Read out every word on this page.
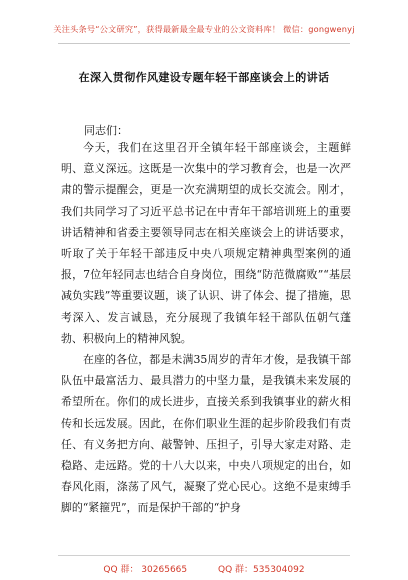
关注头条号“公文研究”，获得最新最全最专业的公文资料库！ 微信：gongwenyj
在深入贯彻作风建设专题年轻干部座谈会上的讲话
同志们：

今天，我们在这里召开全镇年轻干部座谈会，主题鲜明、意义深远。这既是一次集中的学习教育会，也是一次严肃的警示提醒会，更是一次充满期望的成长交流会。刚才，我们共同学习了习近平总书记在中青年干部培训班上的重要讲话精神和省委主要领导同志在相关座谈会上的讲话要求，听取了关于年轻干部违反中央八项规定精神典型案例的通报，7位年轻同志也结合自身岗位，围绕“防范微腐败”“基层减负实践”等重要议题，谈了认识、讲了体会、提了措施，思考深入、发言诚恳，充分展现了我镇年轻干部队伍朝气蓬勃、积极向上的精神风貌。

在座的各位，都是未满35周岁的青年才俊，是我镇干部队伍中最富活力、最具潜力的中坚力量，是我镇未来发展的希望所在。你们的成长进步，直接关系到我镇事业的薪火相传和长远发展。因此，在你们职业生涯的起步阶段我们有责任、有义务把方向、敲警钟、压担子，引导大家走对路、走稳路、走远路。党的十八大以来，中央八项规定的出台，如春风化雨，涤荡了风气，凝聚了党心民心。这绝不是束缚手脚的“紧箍咒”，而是保护干部的“护身

QQ 群： 30265665	QQ 群：535304092
